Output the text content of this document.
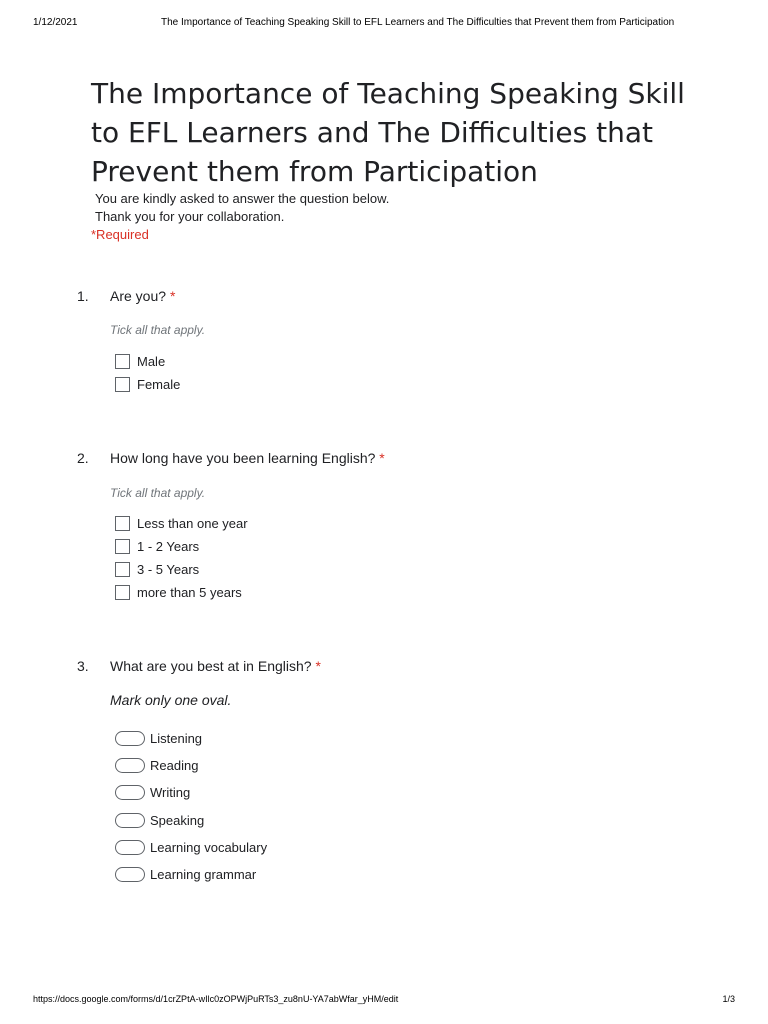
1/12/2021	The Importance of Teaching Speaking Skill to EFL Learners and The Difficulties that Prevent them from Participation
The Importance of Teaching Speaking Skill to EFL Learners and The Difficulties that Prevent them from Participation
You are kindly asked to answer the question below.
Thank you for your collaboration.
*Required
1. Are you? *
Tick all that apply.
Male
Female
2. How long have you been learning English? *
Tick all that apply.
Less than one year
1 - 2 Years
3 - 5 Years
more than 5 years
3. What are you best at in English? *
Mark only one oval.
Listening
Reading
Writing
Speaking
Learning vocabulary
Learning grammar
https://docs.google.com/forms/d/1crZPtA-wIlc0zOPWjPuRTs3_zu8nU-YA7abWfar_yHM/edit	1/3
